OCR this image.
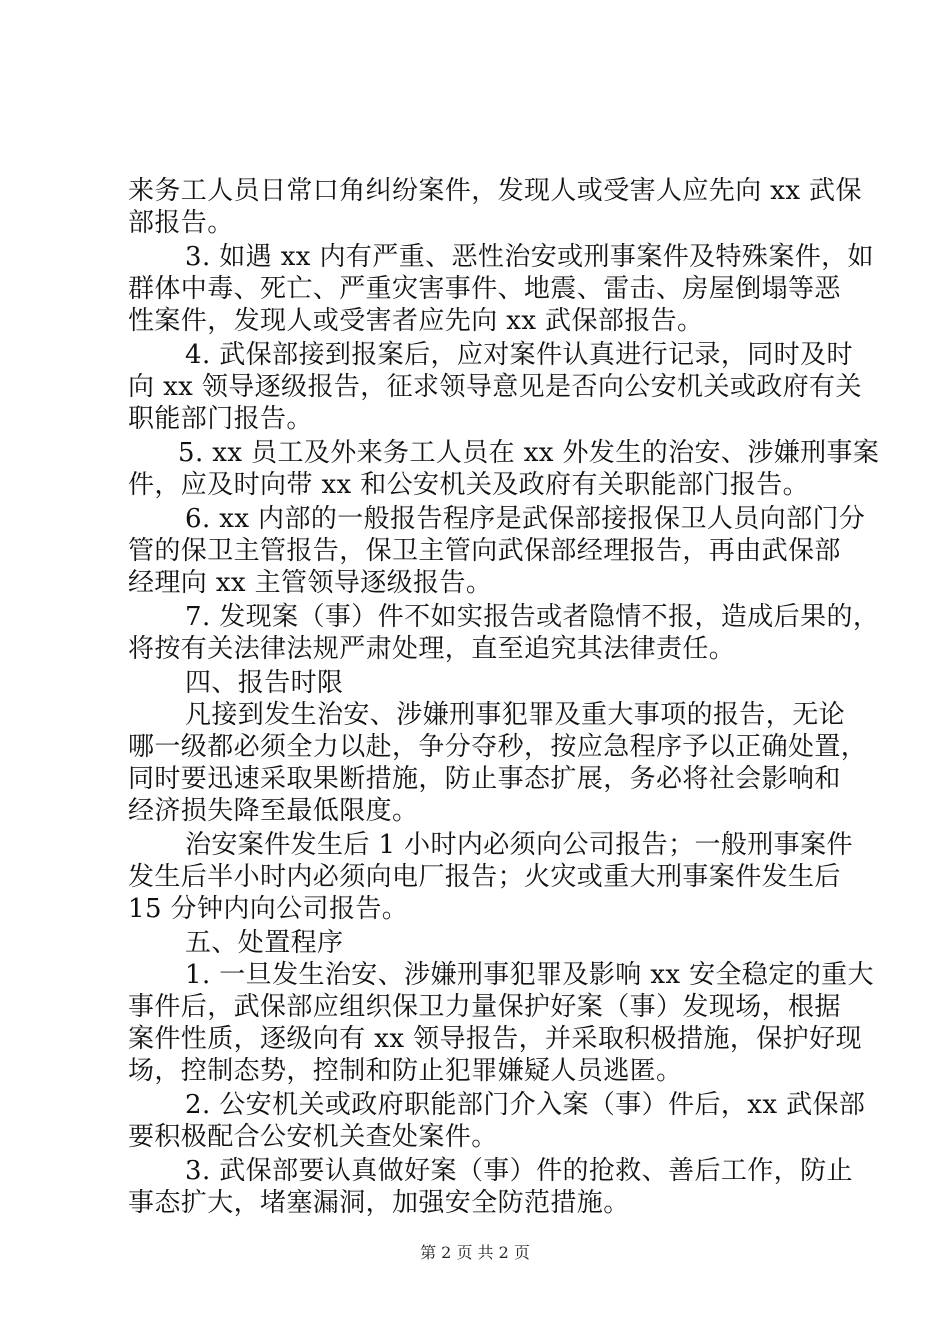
来务工人员日常口角纠纷案件，发现人或受害人应先向 xx 武保

部报告。

3. 如遇 xx 内有严重、恶性治安或刑事案件及特殊案件，如

群体中毒、死亡、严重灾害事件、地震、雷击、房屋倒塌等恶

性案件，发现人或受害者应先向 xx 武保部报告。

4. 武保部接到报案后，应对案件认真进行记录，同时及时

向 xx 领导逐级报告，征求领导意见是否向公安机关或政府有关

职能部门报告。

5. xx 员工及外来务工人员在 xx 外发生的治安、涉嫌刑事案

件，应及时向带 xx 和公安机关及政府有关职能部门报告。

6. xx 内部的一般报告程序是武保部接报保卫人员向部门分

管的保卫主管报告，保卫主管向武保部经理报告，再由武保部

经理向 xx 主管领导逐级报告。

7. 发现案（事）件不如实报告或者隐情不报，造成后果的，

将按有关法律法规严肃处理，直至追究其法律责任。

四、报告时限

凡接到发生治安、涉嫌刑事犯罪及重大事项的报告，无论

哪一级都必须全力以赴，争分夺秒，按应急程序予以正确处置，

同时要迅速采取果断措施，防止事态扩展，务必将社会影响和

经济损失降至最低限度。

治安案件发生后 1 小时内必须向公司报告；一般刑事案件

发生后半小时内必须向电厂报告；火灾或重大刑事案件发生后

15 分钟内向公司报告。

五、处置程序

1. 一旦发生治安、涉嫌刑事犯罪及影响 xx 安全稳定的重大

事件后，武保部应组织保卫力量保护好案（事）发现场，根据

案件性质，逐级向有 xx 领导报告，并采取积极措施，保护好现

场，控制态势，控制和防止犯罪嫌疑人员逃匿。

2. 公安机关或政府职能部门介入案（事）件后，xx 武保部

要积极配合公安机关查处案件。

3. 武保部要认真做好案（事）件的抢救、善后工作，防止

事态扩大，堵塞漏洞，加强安全防范措施。

第 2 页 共 2 页
